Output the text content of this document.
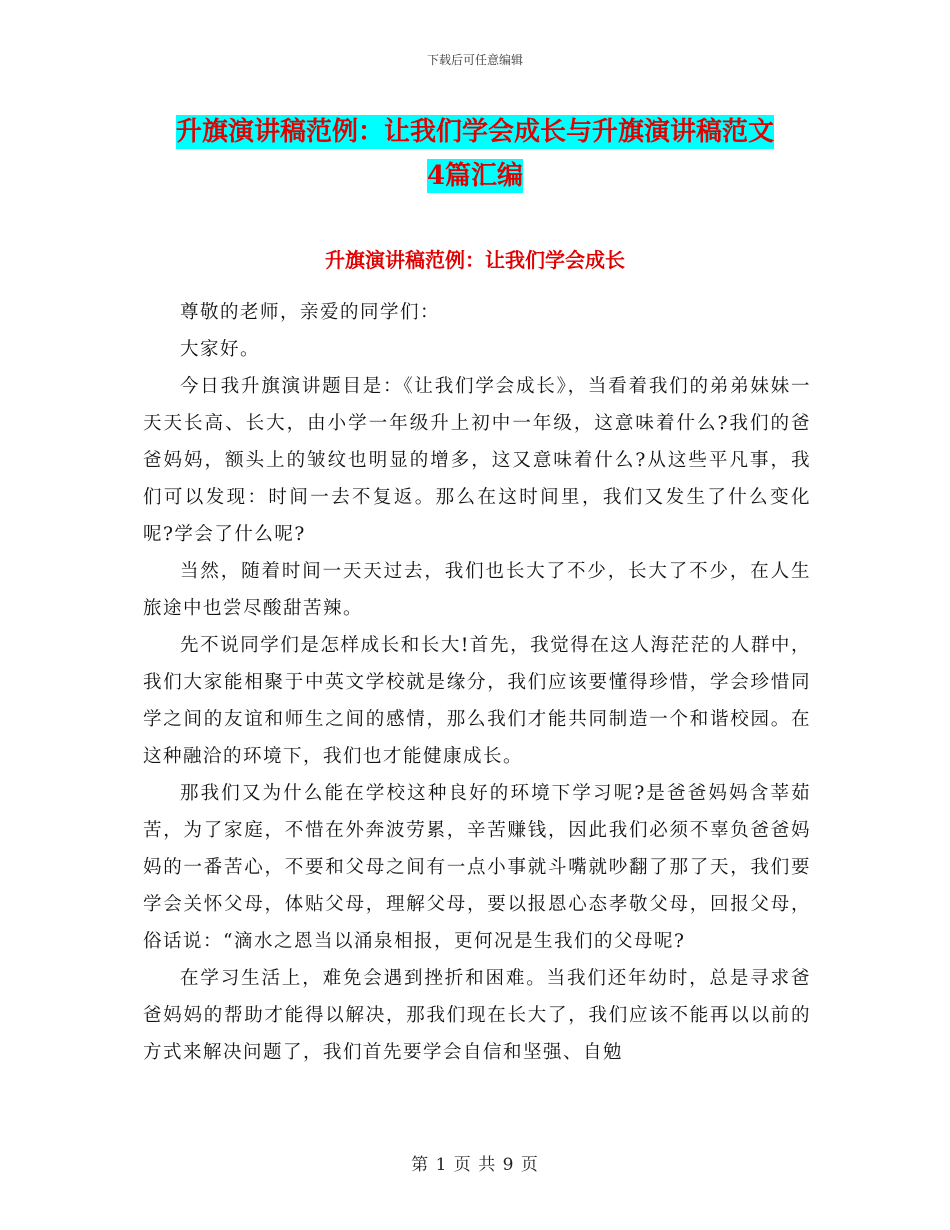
下载后可任意编辑
升旗演讲稿范例：让我们学会成长与升旗演讲稿范文
4篇汇编
升旗演讲稿范例：让我们学会成长

尊敬的老师，亲爱的同学们：

大家好。

今日我升旗演讲题目是：《让我们学会成长》，当看着我们的弟弟妹妹一天天长高、长大，由小学一年级升上初中一年级，这意味着什么?我们的爸爸妈妈，额头上的皱纹也明显的增多，这又意味着什么?从这些平凡事，我们可以发现：时间一去不复返。那么在这时间里，我们又发生了什么变化呢?学会了什么呢?

当然，随着时间一天天过去，我们也长大了不少，长大了不少，在人生旅途中也尝尽酸甜苦辣。

先不说同学们是怎样成长和长大!首先，我觉得在这人海茫茫的人群中，我们大家能相聚于中英文学校就是缘分，我们应该要懂得珍惜，学会珍惜同学之间的友谊和师生之间的感情，那么我们才能共同制造一个和谐校园。在这种融洽的环境下，我们也才能健康成长。

那我们又为什么能在学校这种良好的环境下学习呢?是爸爸妈妈含莘茹苦，为了家庭，不惜在外奔波劳累，辛苦赚钱，因此我们必须不辜负爸爸妈妈的一番苦心，不要和父母之间有一点小事就斗嘴就吵翻了那了天，我们要学会关怀父母，体贴父母，理解父母，要以报恩心态孝敬父母，回报父母，俗话说：“滴水之恩当以涌泉相报，更何况是生我们的父母呢?

在学习生活上，难免会遇到挫折和困难。当我们还年幼时，总是寻求爸爸妈妈的帮助才能得以解决，那我们现在长大了，我们应该不能再以以前的方式来解决问题了，我们首先要学会自信和坚强、自勉

第 1 页 共 9 页
